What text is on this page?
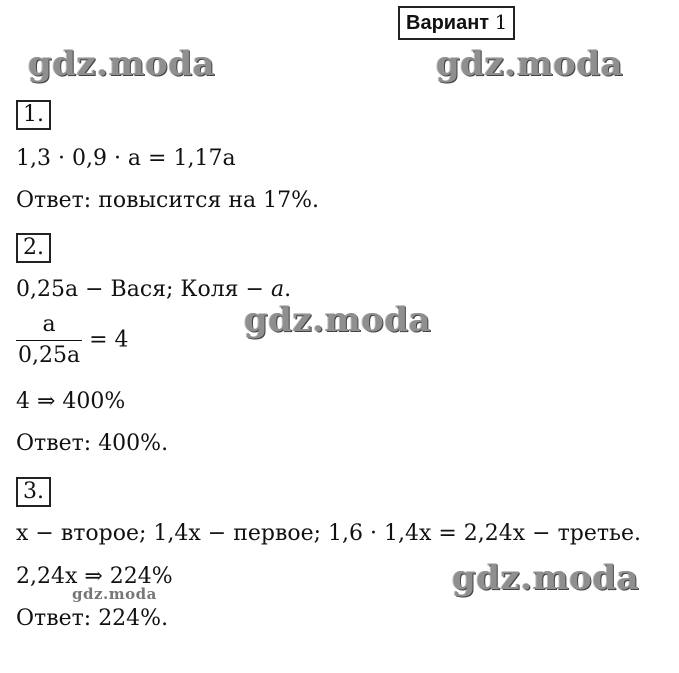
Вариант 1
gdz.moda	gdz.moda
gdz.moda
gdz.moda
gdz.moda
1.
1,3 · 0,9 · a = 1,17a
Ответ: повысится на 17%.
2.
0,25a − Вася; Коля − a.
$\frac{a}{0,25a} = 4$
4 ⇒ 400%
Ответ: 400%.
3.
x − второе; 1,4x − первое; 1,6 · 1,4x = 2,24x − третье.
2,24x ⇒ 224%
Ответ: 224%.
